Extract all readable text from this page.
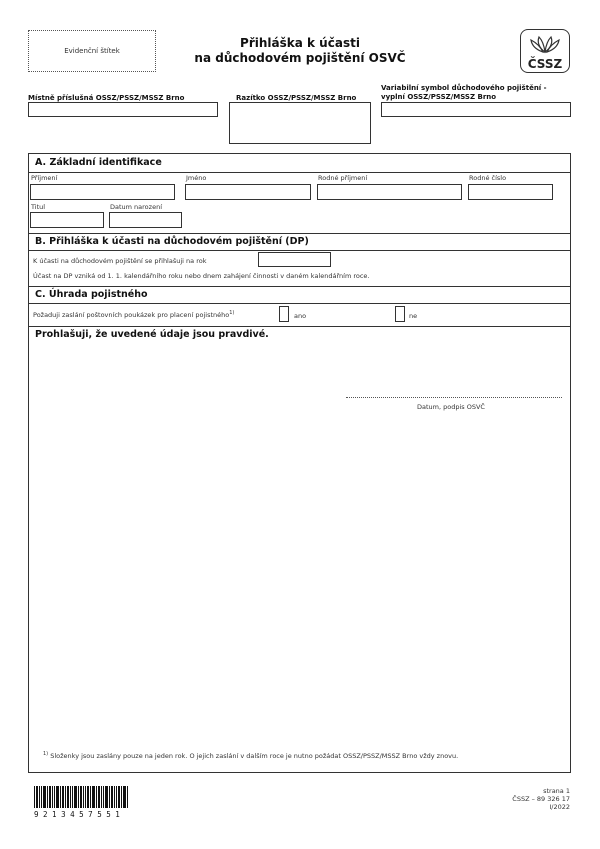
Evidenční štítek
Přihláška k účasti
na důchodovém pojištění OSVČ	ČSSZ
Místně příslušná OSSZ/PSSZ/MSSZ Brno	Razítko OSSZ/PSSZ/MSSZ Brno
Variabilní symbol důchodového pojištění -
vyplní OSSZ/PSSZ/MSSZ Brno
A. Základní identifikace
Příjmení	Jméno	Rodné příjmení	Rodné číslo
Titul	Datum narození
B. Přihláška k účasti na důchodovém pojištění (DP)
K účasti na důchodovém pojištění se přihlašuji na rok
Účast na DP vzniká od 1. 1. kalendářního roku nebo dnem zahájení činnosti v daném kalendářním roce.
C. Úhrada pojistného
Požaduji zaslání poštovních poukázek pro placení pojistného$^{1)}$	ano	ne
Prohlašuji, že uvedené údaje jsou pravdivé.
Datum, podpis OSVČ
$^{1)}$ Složenky jsou zaslány pouze na jeden rok. O jejich zaslání v dalším roce je nutno požádat OSSZ/PSSZ/MSSZ Brno vždy znovu.
9 2 1 3 4 5 7 5 5 1
strana 1
ČSSZ – 89 326 17
I/2022
